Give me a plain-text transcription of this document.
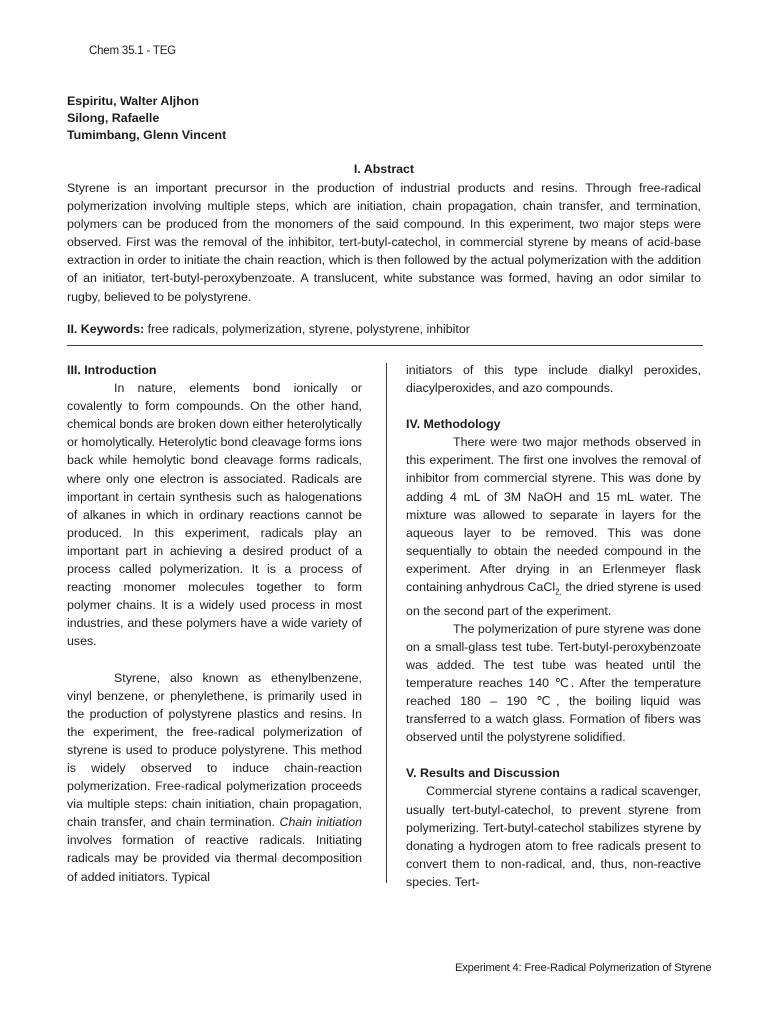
Chem 35.1 - TEG
Espiritu, Walter Aljhon
Silong, Rafaelle
Tumimbang, Glenn Vincent
I. Abstract
Styrene is an important precursor in the production of industrial products and resins. Through free-radical polymerization involving multiple steps, which are initiation, chain propagation, chain transfer, and termination, polymers can be produced from the monomers of the said compound. In this experiment, two major steps were observed. First was the removal of the inhibitor, tert-butyl-catechol, in commercial styrene by means of acid-base extraction in order to initiate the chain reaction, which is then followed by the actual polymerization with the addition of an initiator, tert-butyl-peroxybenzoate. A translucent, white substance was formed, having an odor similar to rugby, believed to be polystyrene.
II. Keywords: free radicals, polymerization, styrene, polystyrene, inhibitor
III. Introduction

In nature, elements bond ionically or covalently to form compounds. On the other hand, chemical bonds are broken down either heterolytically or homolytically. Heterolytic bond cleavage forms ions back while hemolytic bond cleavage forms radicals, where only one electron is associated. Radicals are important in certain synthesis such as halogenations of alkanes in which in ordinary reactions cannot be produced. In this experiment, radicals play an important part in achieving a desired product of a process called polymerization. It is a process of reacting monomer molecules together to form polymer chains. It is a widely used process in most industries, and these polymers have a wide variety of uses.

Styrene, also known as ethenylbenzene, vinyl benzene, or phenylethene, is primarily used in the production of polystyrene plastics and resins. In the experiment, the free-radical polymerization of styrene is used to produce polystyrene. This method is widely observed to induce chain-reaction polymerization. Free-radical polymerization proceeds via multiple steps: chain initiation, chain propagation, chain transfer, and chain termination. Chain initiation involves formation of reactive radicals. Initiating radicals may be provided via thermal decomposition of added initiators. Typical

initiators of this type include dialkyl peroxides, diacylperoxides, and azo compounds.

IV. Methodology

There were two major methods observed in this experiment. The first one involves the removal of inhibitor from commercial styrene. This was done by adding 4 mL of 3M NaOH and 15 mL water. The mixture was allowed to separate in layers for the aqueous layer to be removed. This was done sequentially to obtain the needed compound in the experiment. After drying in an Erlenmeyer flask containing anhydrous CaCl$_{2,}$ the dried styrene is used on the second part of the experiment.

The polymerization of pure styrene was done on a small-glass test tube. Tert-butyl-peroxybenzoate was added. The test tube was heated until the temperature reaches 140 ℃. After the temperature reached 180 – 190 ℃, the boiling liquid was transferred to a watch glass. Formation of fibers was observed until the polystyrene solidified.

V. Results and Discussion

Commercial styrene contains a radical scavenger, usually tert-butyl-catechol, to prevent styrene from polymerizing. Tert-butyl-catechol stabilizes styrene by donating a hydrogen atom to free radicals present to convert them to non-radical, and, thus, non-reactive species. Tert-

Experiment 4: Free-Radical Polymerization of Styrene
